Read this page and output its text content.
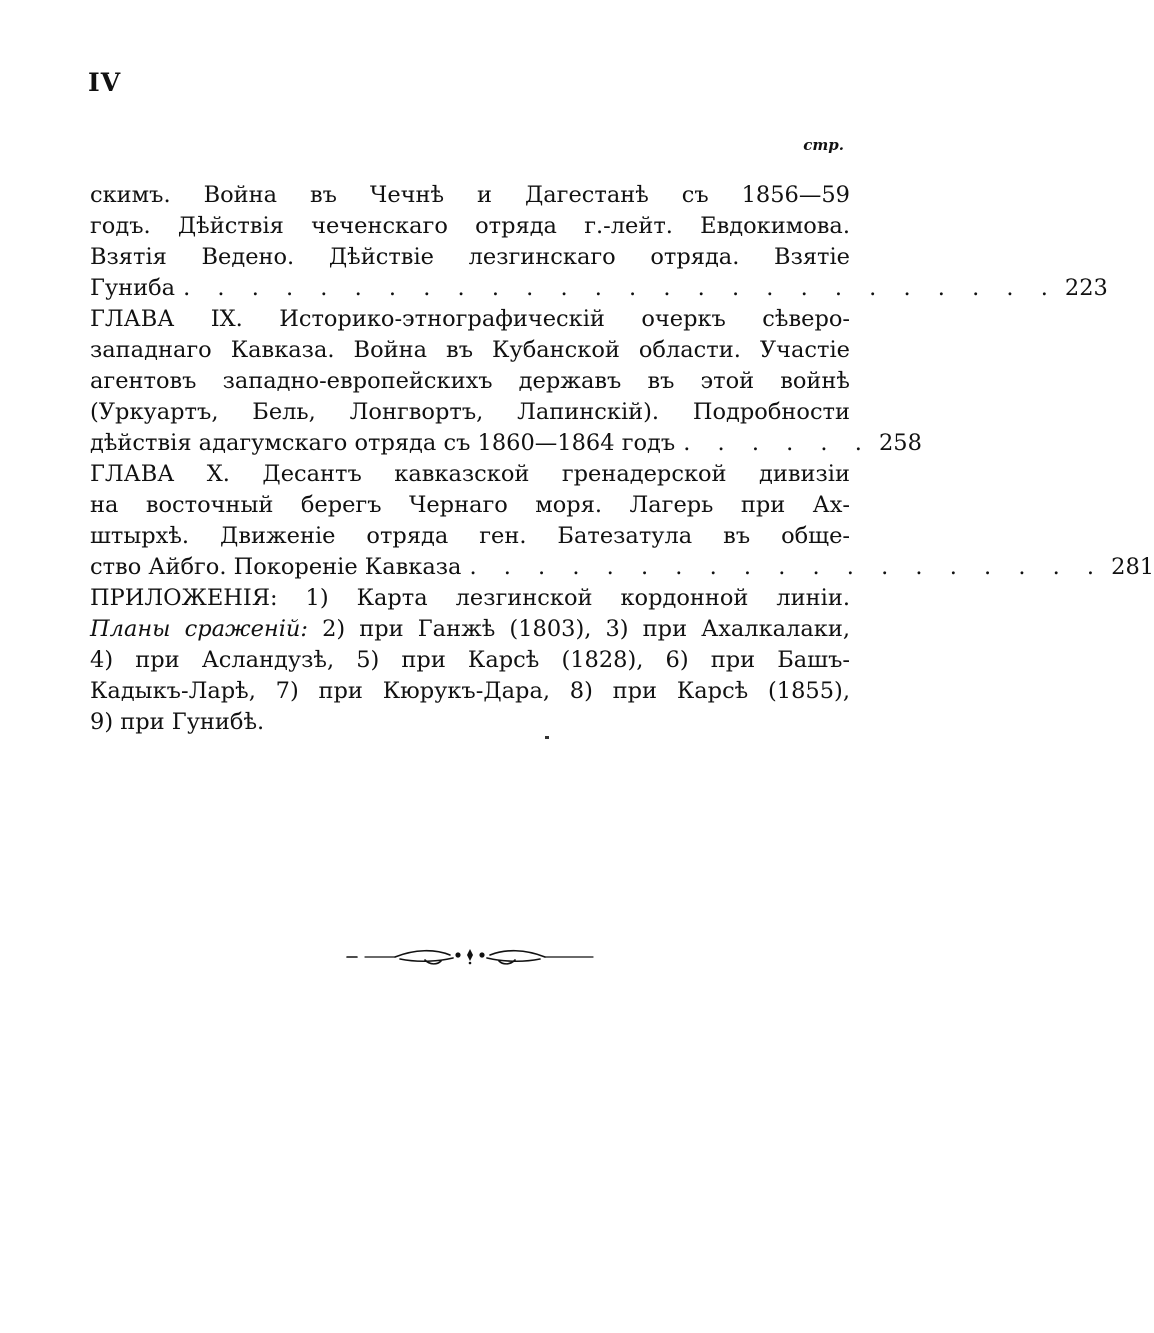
IV
стр.
скимъ. Война въ Чечнѣ и Дагестанѣ съ 1856—59
годъ. Дѣйствія чеченскаго отряда г.-лейт. Евдокимова.
Взятія Ведено. Дѣйствіе лезгинскаго отряда. Взятіе
Гуниба . . . . . . . . . . . . . . . . . . . . . . . . . . 223
ГЛАВА IX. Историко-этнографическій очеркъ сѣверо-
западнаго Кавказа. Война въ Кубанской области. Участіе
агентовъ западно-европейскихъ державъ въ этой войнѣ
(Уркуартъ, Бель, Лонгвортъ, Лапинскій). Подробности
дѣйствія адагумскаго отряда съ 1860—1864 годъ . . . . . . 258
ГЛАВА X. Десантъ кавказской гренадерской дивизіи
на восточный берегъ Чернаго моря. Лагерь при Ах-
штырхѣ. Движеніе отряда ген. Батезатула въ обще-
ство Айбго. Покореніе Кавказа . . . . . . . . . . . . . . . . . . . 281
ПРИЛОЖЕНІЯ: 1) Карта лезгинской кордонной линіи.
Планы сраженій: 2) при Ганжѣ (1803), 3) при Ахалкалаки,
4) при Асландузѣ, 5) при Карсѣ (1828), 6) при Башъ-
Кадыкъ-Ларѣ, 7) при Кюрукъ-Дара, 8) при Карсѣ (1855),
9) при Гунибѣ.
